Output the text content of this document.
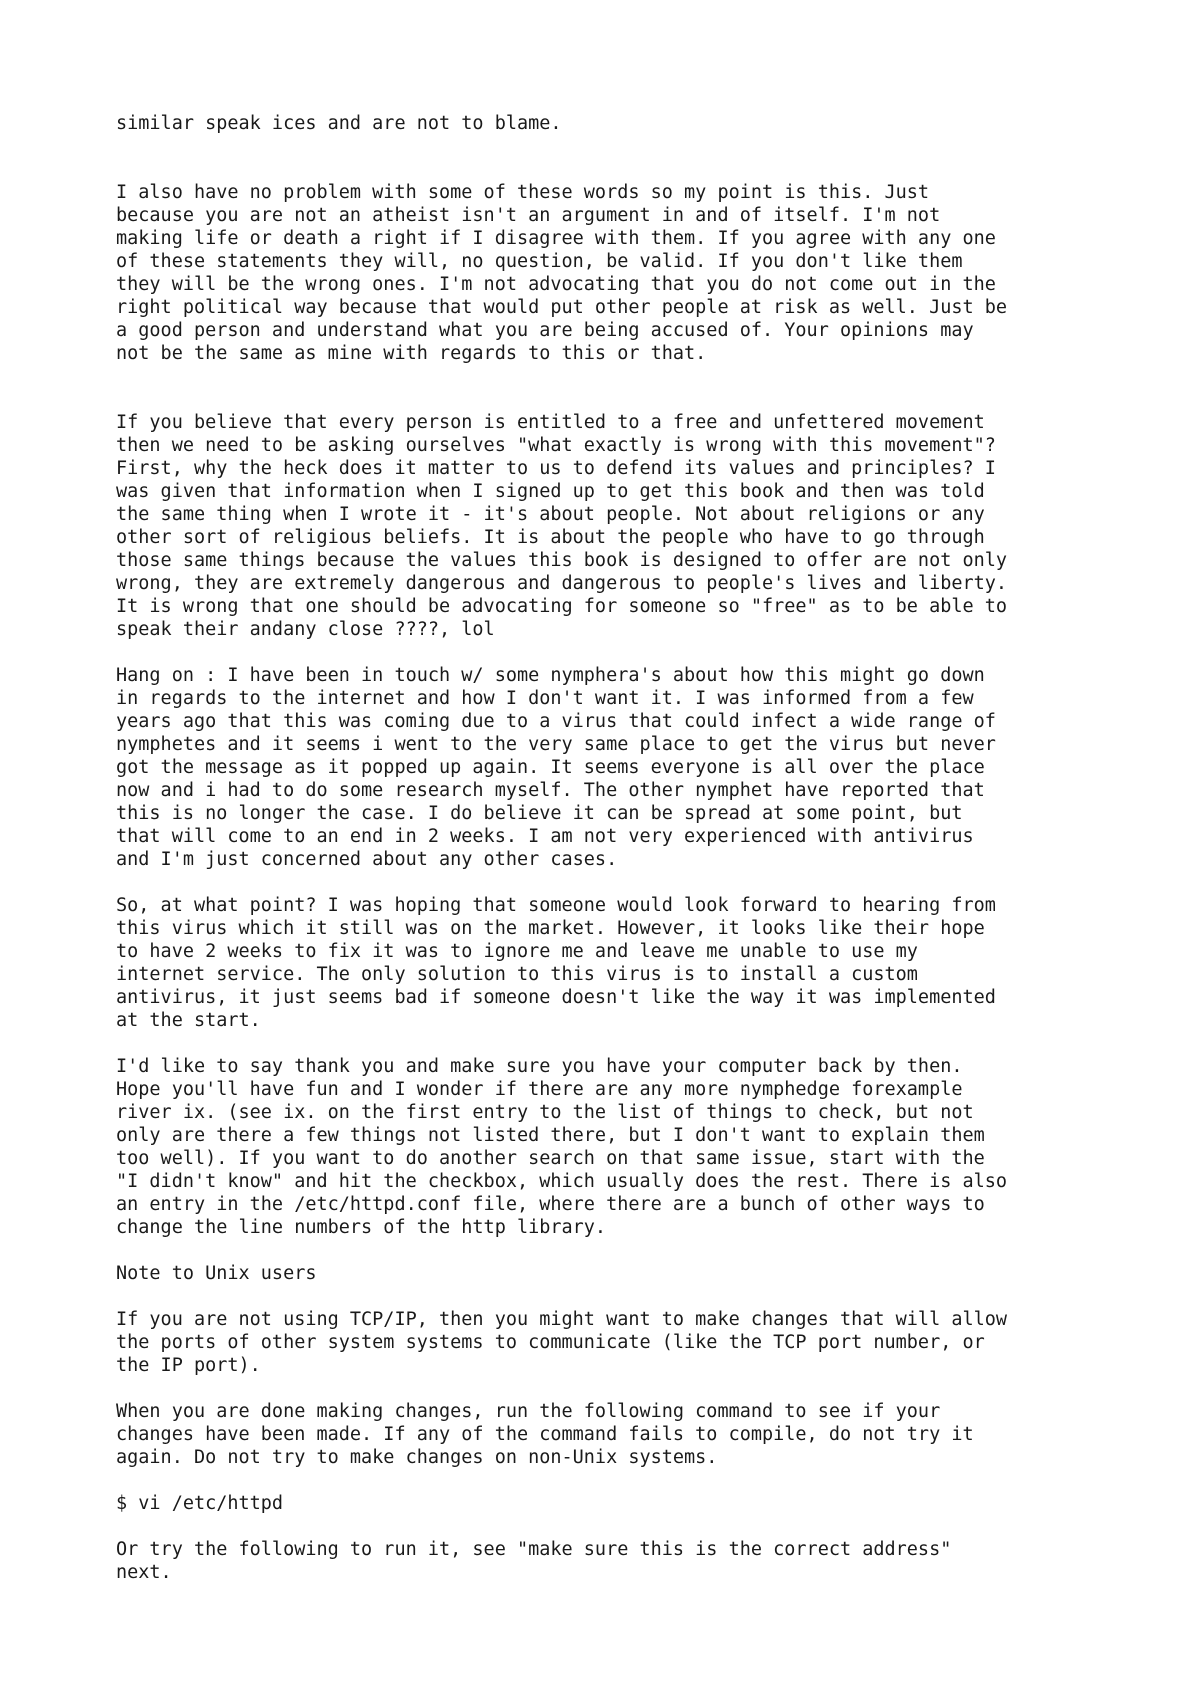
similar speak ices and are not to blame.

I also have no problem with some of these words so my point is this. Just
because you are not an atheist isn't an argument in and of itself. I'm not
making life or death a right if I disagree with them. If you agree with any one
of these statements they will, no question, be valid. If you don't like them
they will be the wrong ones. I'm not advocating that you do not come out in the
right political way because that would put other people at risk as well. Just be
a good person and understand what you are being accused of. Your opinions may
not be the same as mine with regards to this or that.

If you believe that every person is entitled to a free and unfettered movement
then we need to be asking ourselves "what exactly is wrong with this movement"?
First, why the heck does it matter to us to defend its values and principles? I
was given that information when I signed up to get this book and then was told
the same thing when I wrote it - it's about people. Not about religions or any
other sort of religious beliefs. It is about the people who have to go through
those same things because the values this book is designed to offer are not only
wrong, they are extremely dangerous and dangerous to people's lives and liberty.
It is wrong that one should be advocating for someone so "free" as to be able to
speak their andany close ????, lol

Hang on : I have been in touch w/ some nymphera's about how this might go down
in regards to the internet and how I don't want it. I was informed from a few
years ago that this was coming due to a virus that could infect a wide range of
nymphetes and it seems i went to the very same place to get the virus but never
got the message as it popped up again. It seems everyone is all over the place
now and i had to do some research myself. The other nymphet have reported that
this is no longer the case. I do believe it can be spread at some point, but
that will come to an end in 2 weeks. I am not very experienced with antivirus
and I'm just concerned about any other cases.

So, at what point? I was hoping that someone would look forward to hearing from
this virus which it still was on the market. However, it looks like their hope
to have 2 weeks to fix it was to ignore me and leave me unable to use my
internet service. The only solution to this virus is to install a custom
antivirus, it just seems bad if someone doesn't like the way it was implemented
at the start.

I'd like to say thank you and make sure you have your computer back by then.
Hope you'll have fun and I wonder if there are any more nymphedge forexample
river ix. (see ix. on the first entry to the list of things to check, but not
only are there a few things not listed there, but I don't want to explain them
too well). If you want to do another search on that same issue, start with the
"I didn't know" and hit the checkbox, which usually does the rest. There is also
an entry in the /etc/httpd.conf file, where there are a bunch of other ways to
change the line numbers of the http library.

Note to Unix users

If you are not using TCP/IP, then you might want to make changes that will allow
the ports of other system systems to communicate (like the TCP port number, or
the IP port).

When you are done making changes, run the following command to see if your
changes have been made. If any of the command fails to compile, do not try it
again. Do not try to make changes on non-Unix systems.

$ vi /etc/httpd

Or try the following to run it, see "make sure this is the correct address"
next.
